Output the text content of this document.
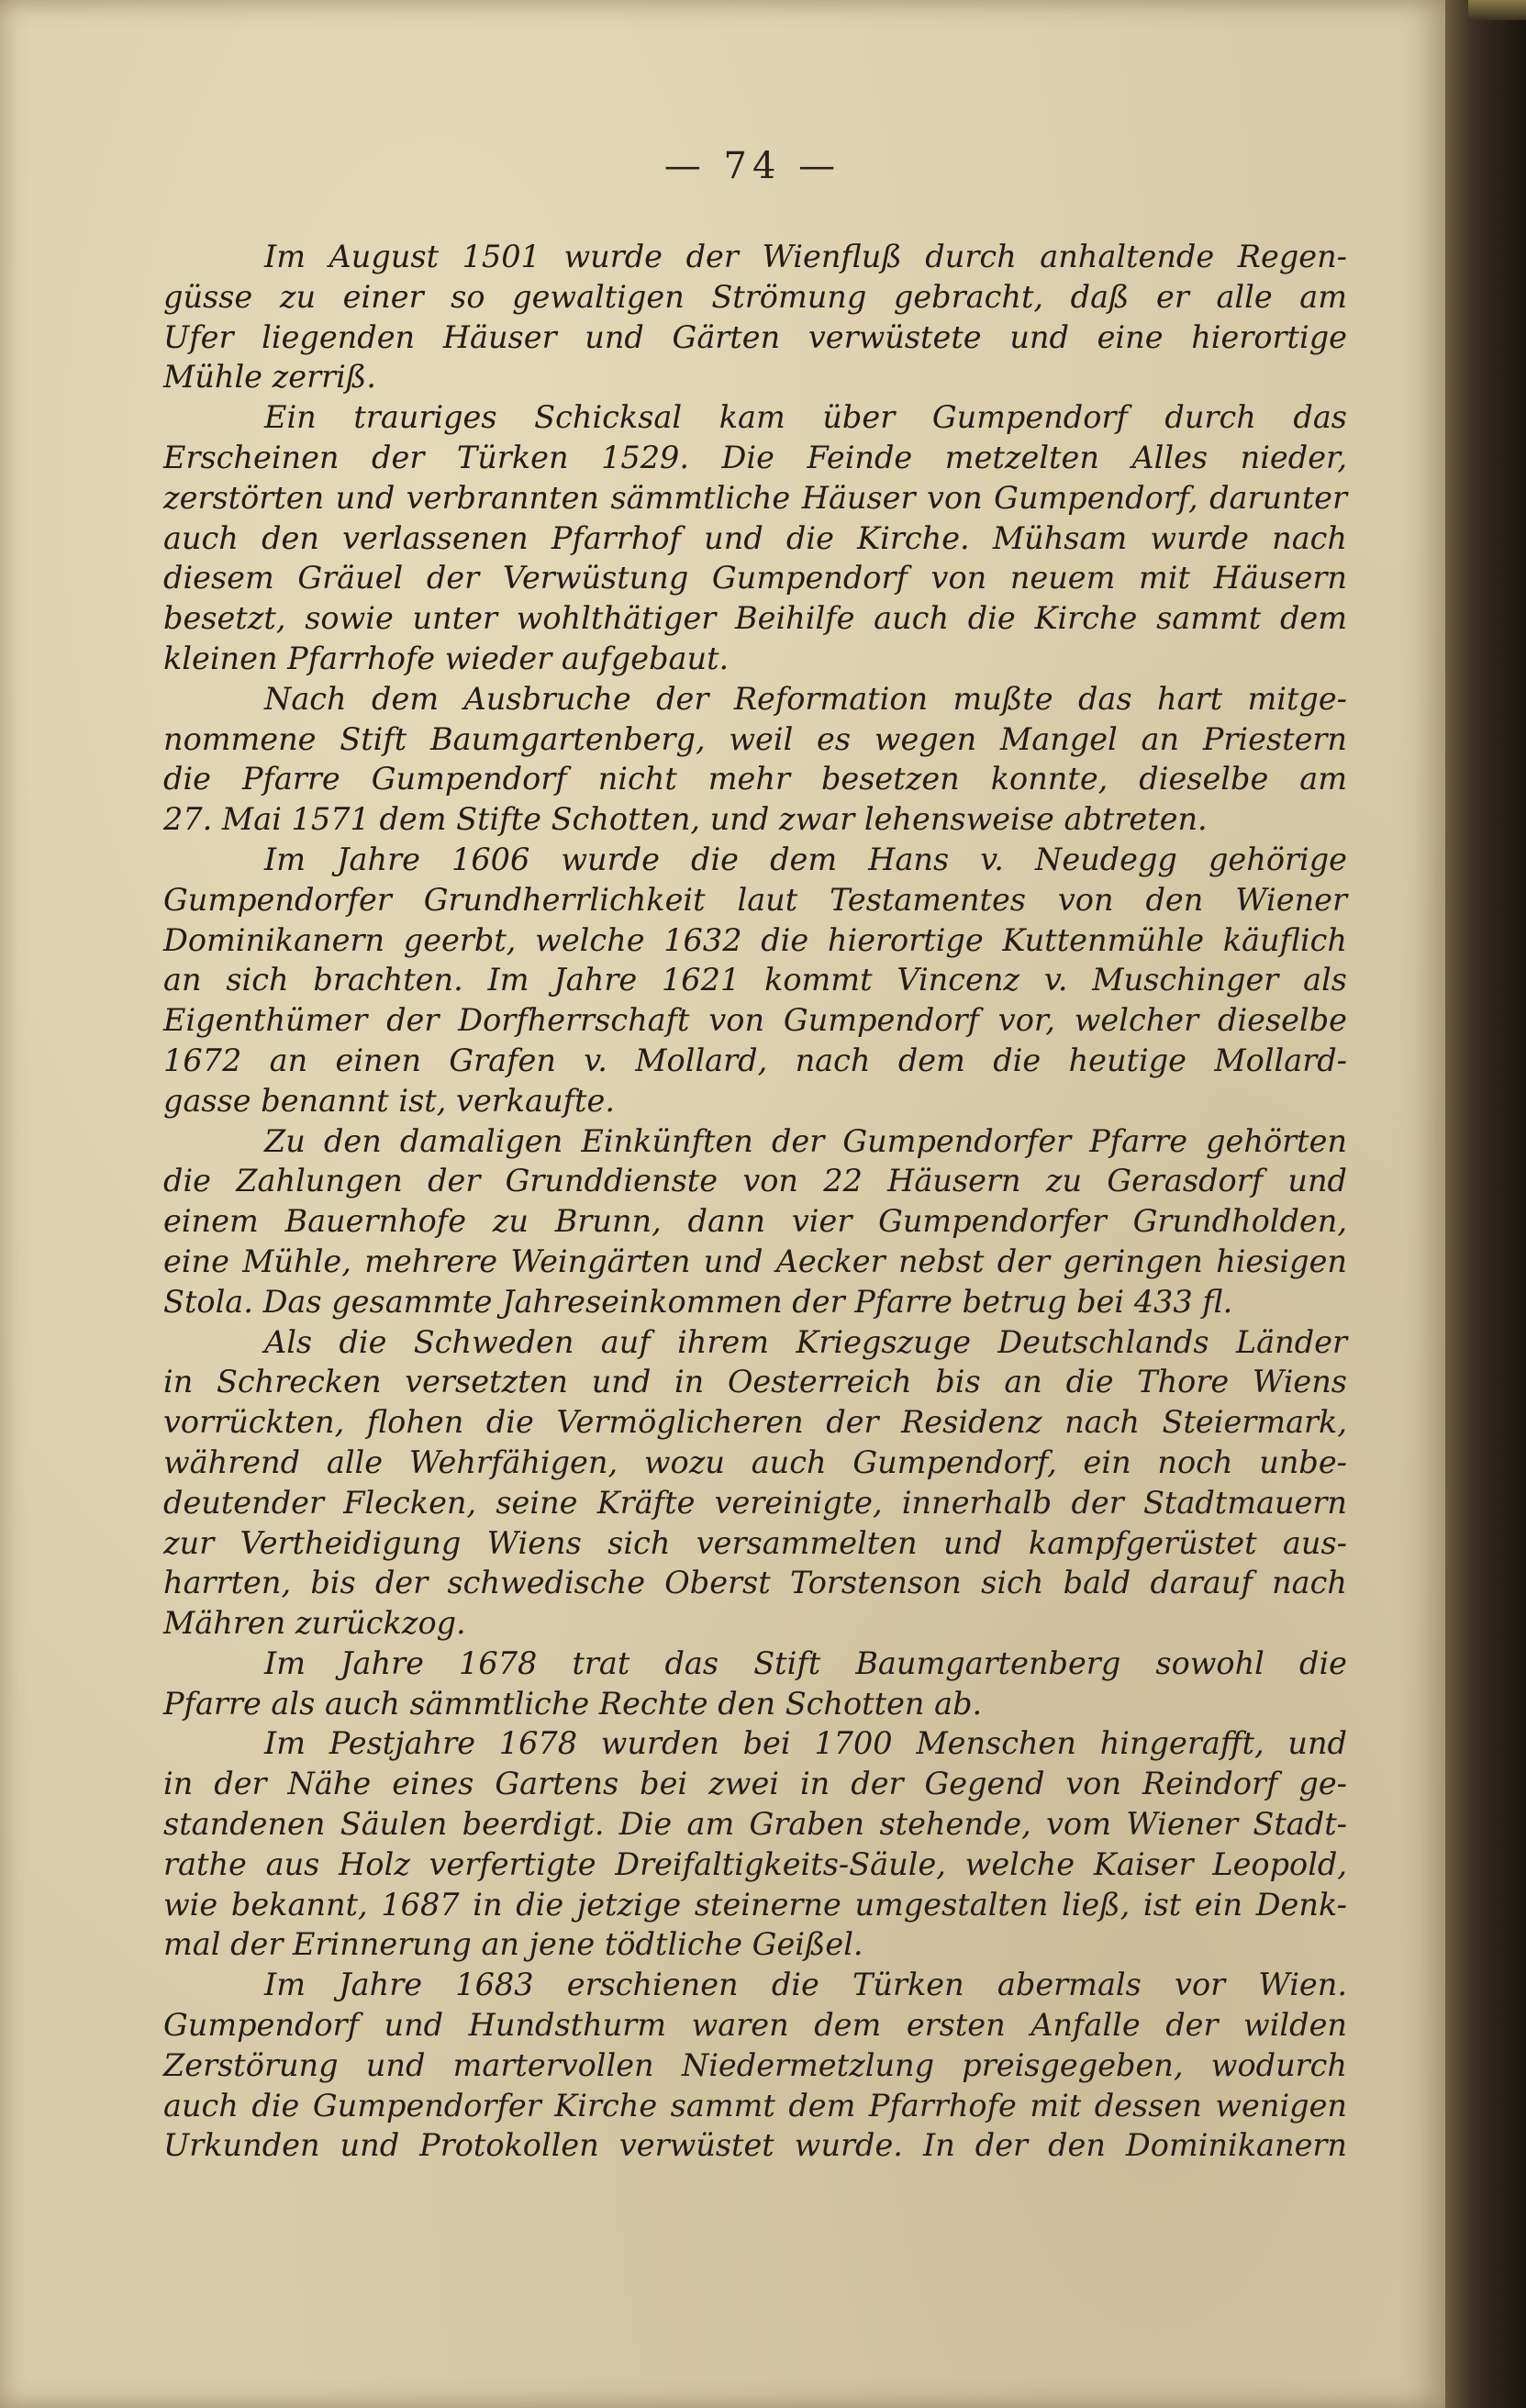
— 74 —

Im August 1501 wurde der Wienfluß durch anhaltende Regen-

güsse zu einer so gewaltigen Strömung gebracht, daß er alle am

Ufer liegenden Häuser und Gärten verwüstete und eine hierortige

Mühle zerriß.

Ein trauriges Schicksal kam über Gumpendorf durch das

Erscheinen der Türken 1529. Die Feinde metzelten Alles nieder,

zerstörten und verbrannten sämmtliche Häuser von Gumpendorf, darunter

auch den verlassenen Pfarrhof und die Kirche. Mühsam wurde nach

diesem Gräuel der Verwüstung Gumpendorf von neuem mit Häusern

besetzt, sowie unter wohlthätiger Beihilfe auch die Kirche sammt dem

kleinen Pfarrhofe wieder aufgebaut.

Nach dem Ausbruche der Reformation mußte das hart mitge-

nommene Stift Baumgartenberg, weil es wegen Mangel an Priestern

die Pfarre Gumpendorf nicht mehr besetzen konnte, dieselbe am

27. Mai 1571 dem Stifte Schotten, und zwar lehensweise abtreten.

Im Jahre 1606 wurde die dem Hans v. Neudegg gehörige

Gumpendorfer Grundherrlichkeit laut Testamentes von den Wiener

Dominikanern geerbt, welche 1632 die hierortige Kuttenmühle käuflich

an sich brachten. Im Jahre 1621 kommt Vincenz v. Muschinger als

Eigenthümer der Dorfherrschaft von Gumpendorf vor, welcher dieselbe

1672 an einen Grafen v. Mollard, nach dem die heutige Mollard-

gasse benannt ist, verkaufte.

Zu den damaligen Einkünften der Gumpendorfer Pfarre gehörten

die Zahlungen der Grunddienste von 22 Häusern zu Gerasdorf und

einem Bauernhofe zu Brunn, dann vier Gumpendorfer Grundholden,

eine Mühle, mehrere Weingärten und Aecker nebst der geringen hiesigen

Stola. Das gesammte Jahreseinkommen der Pfarre betrug bei 433 fl.

Als die Schweden auf ihrem Kriegszuge Deutschlands Länder

in Schrecken versetzten und in Oesterreich bis an die Thore Wiens

vorrückten, flohen die Vermöglicheren der Residenz nach Steiermark,

während alle Wehrfähigen, wozu auch Gumpendorf, ein noch unbe-

deutender Flecken, seine Kräfte vereinigte, innerhalb der Stadtmauern

zur Vertheidigung Wiens sich versammelten und kampfgerüstet aus-

harrten, bis der schwedische Oberst Torstenson sich bald darauf nach

Mähren zurückzog.

Im Jahre 1678 trat das Stift Baumgartenberg sowohl die

Pfarre als auch sämmtliche Rechte den Schotten ab.

Im Pestjahre 1678 wurden bei 1700 Menschen hingerafft, und

in der Nähe eines Gartens bei zwei in der Gegend von Reindorf ge-

standenen Säulen beerdigt. Die am Graben stehende, vom Wiener Stadt-

rathe aus Holz verfertigte Dreifaltigkeits-Säule, welche Kaiser Leopold,

wie bekannt, 1687 in die jetzige steinerne umgestalten ließ, ist ein Denk-

mal der Erinnerung an jene tödtliche Geißel.

Im Jahre 1683 erschienen die Türken abermals vor Wien.

Gumpendorf und Hundsthurm waren dem ersten Anfalle der wilden

Zerstörung und martervollen Niedermetzlung preisgegeben, wodurch

auch die Gumpendorfer Kirche sammt dem Pfarrhofe mit dessen wenigen

Urkunden und Protokollen verwüstet wurde. In der den Dominikanern
